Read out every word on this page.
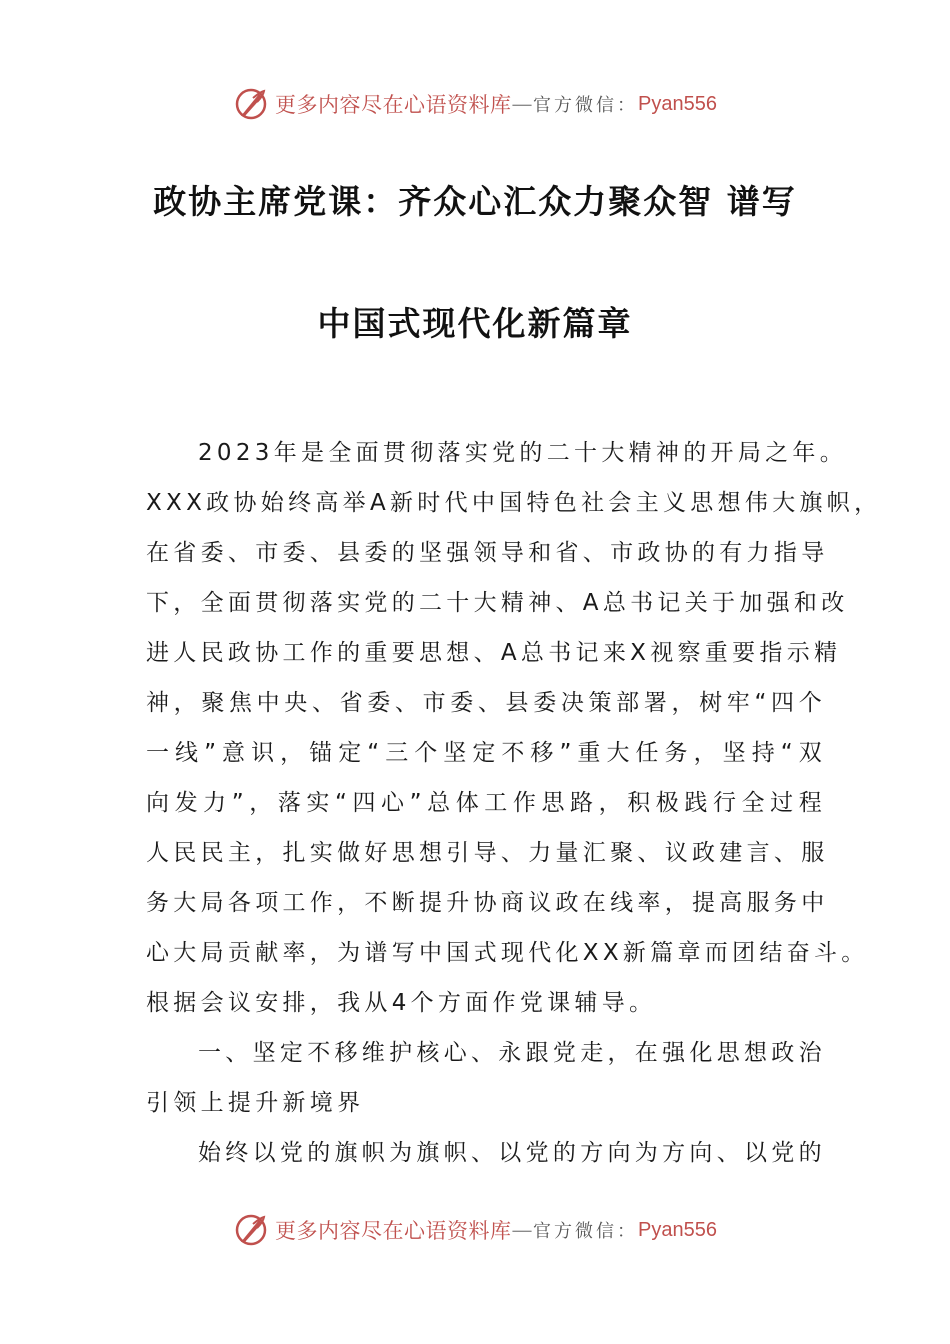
更多内容尽在心语资料库 — 官方微信： Pyan556
政协主席党课：齐众心汇众力聚众智 谱写
中国式现代化新篇章
2023年是全面贯彻落实党的二十大精神的开局之年。
XXX政协始终高举A新时代中国特色社会主义思想伟大旗帜，
在省委、市委、县委的坚强领导和省、市政协的有力指导
下，全面贯彻落实党的二十大精神、A总书记关于加强和改
进人民政协工作的重要思想、A总书记来X视察重要指示精
神，聚焦中央、省委、市委、县委决策部署，树牢“四个
一线”意识，锚定“三个坚定不移”重大任务，坚持“双
向发力”，落实“四心”总体工作思路，积极践行全过程
人民民主，扎实做好思想引导、力量汇聚、议政建言、服
务大局各项工作，不断提升协商议政在线率，提高服务中
心大局贡献率，为谱写中国式现代化XX新篇章而团结奋斗。
根据会议安排，我从4个方面作党课辅导。
一、坚定不移维护核心、永跟党走，在强化思想政治
引领上提升新境界
始终以党的旗帜为旗帜、以党的方向为方向、以党的
更多内容尽在心语资料库 — 官方微信： Pyan556
